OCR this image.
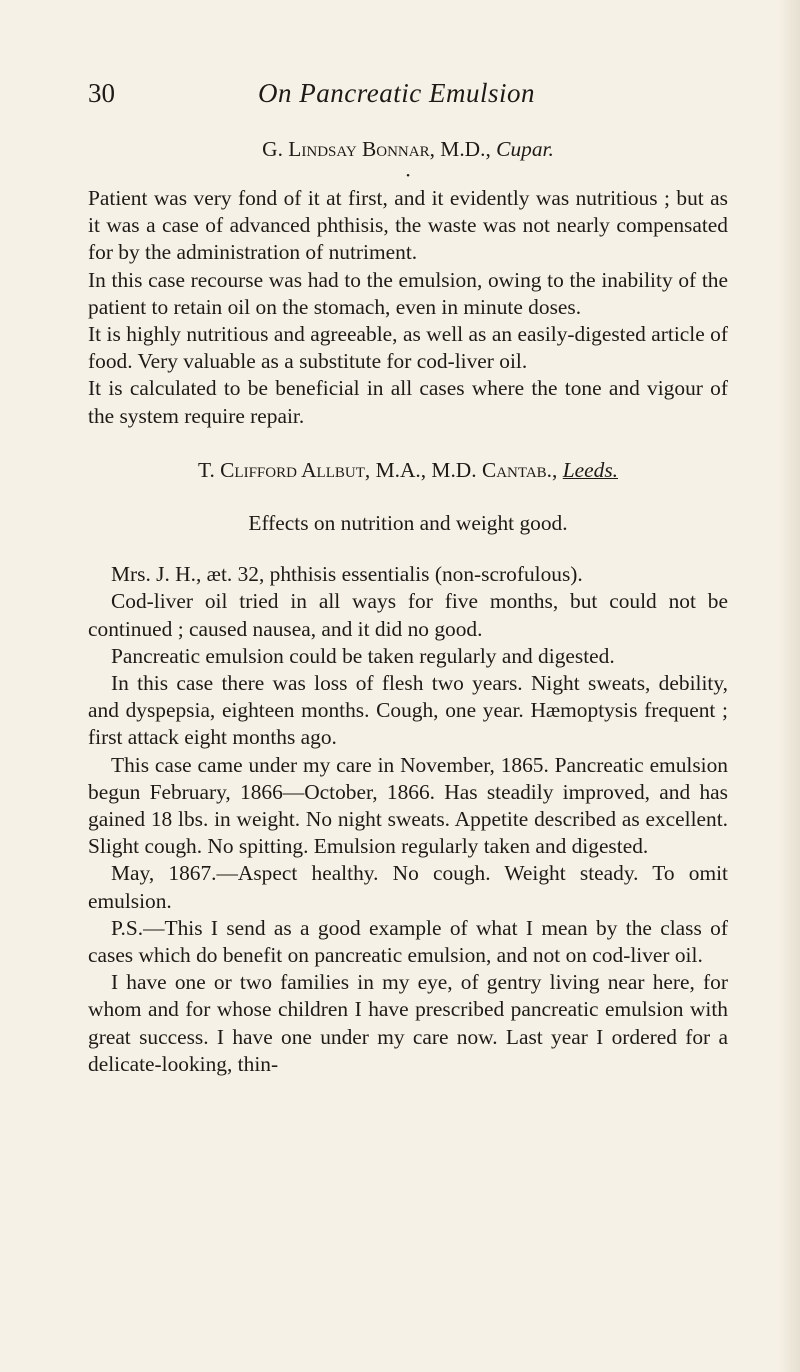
30	On Pancreatic Emulsion

G. Lindsay Bonnar, M.D., Cupar.

•

Patient was very fond of it at first, and it evidently was nutritious ; but as it was a case of advanced phthisis, the waste was not nearly compensated for by the administration of nutriment.

In this case recourse was had to the emulsion, owing to the inability of the patient to retain oil on the stomach, even in minute doses.

It is highly nutritious and agreeable, as well as an easily-digested article of food. Very valuable as a substitute for cod-liver oil.

It is calculated to be beneficial in all cases where the tone and vigour of the system require repair.

T. Clifford Allbut, M.A., M.D. Cantab., Leeds.

Effects on nutrition and weight good.

Mrs. J. H., æt. 32, phthisis essentialis (non-scrofulous).

Cod-liver oil tried in all ways for five months, but could not be continued ; caused nausea, and it did no good.

Pancreatic emulsion could be taken regularly and digested.

In this case there was loss of flesh two years. Night sweats, debility, and dyspepsia, eighteen months. Cough, one year. Hæmoptysis frequent ; first attack eight months ago.

This case came under my care in November, 1865. Pancreatic emulsion begun February, 1866—October, 1866. Has steadily improved, and has gained 18 lbs. in weight. No night sweats. Appetite described as excellent. Slight cough. No spitting. Emulsion regularly taken and digested.

May, 1867.—Aspect healthy. No cough. Weight steady. To omit emulsion.

P.S.—This I send as a good example of what I mean by the class of cases which do benefit on pancreatic emulsion, and not on cod-liver oil.

I have one or two families in my eye, of gentry living near here, for whom and for whose children I have prescribed pancreatic emulsion with great success. I have one under my care now. Last year I ordered for a delicate-looking, thin-
